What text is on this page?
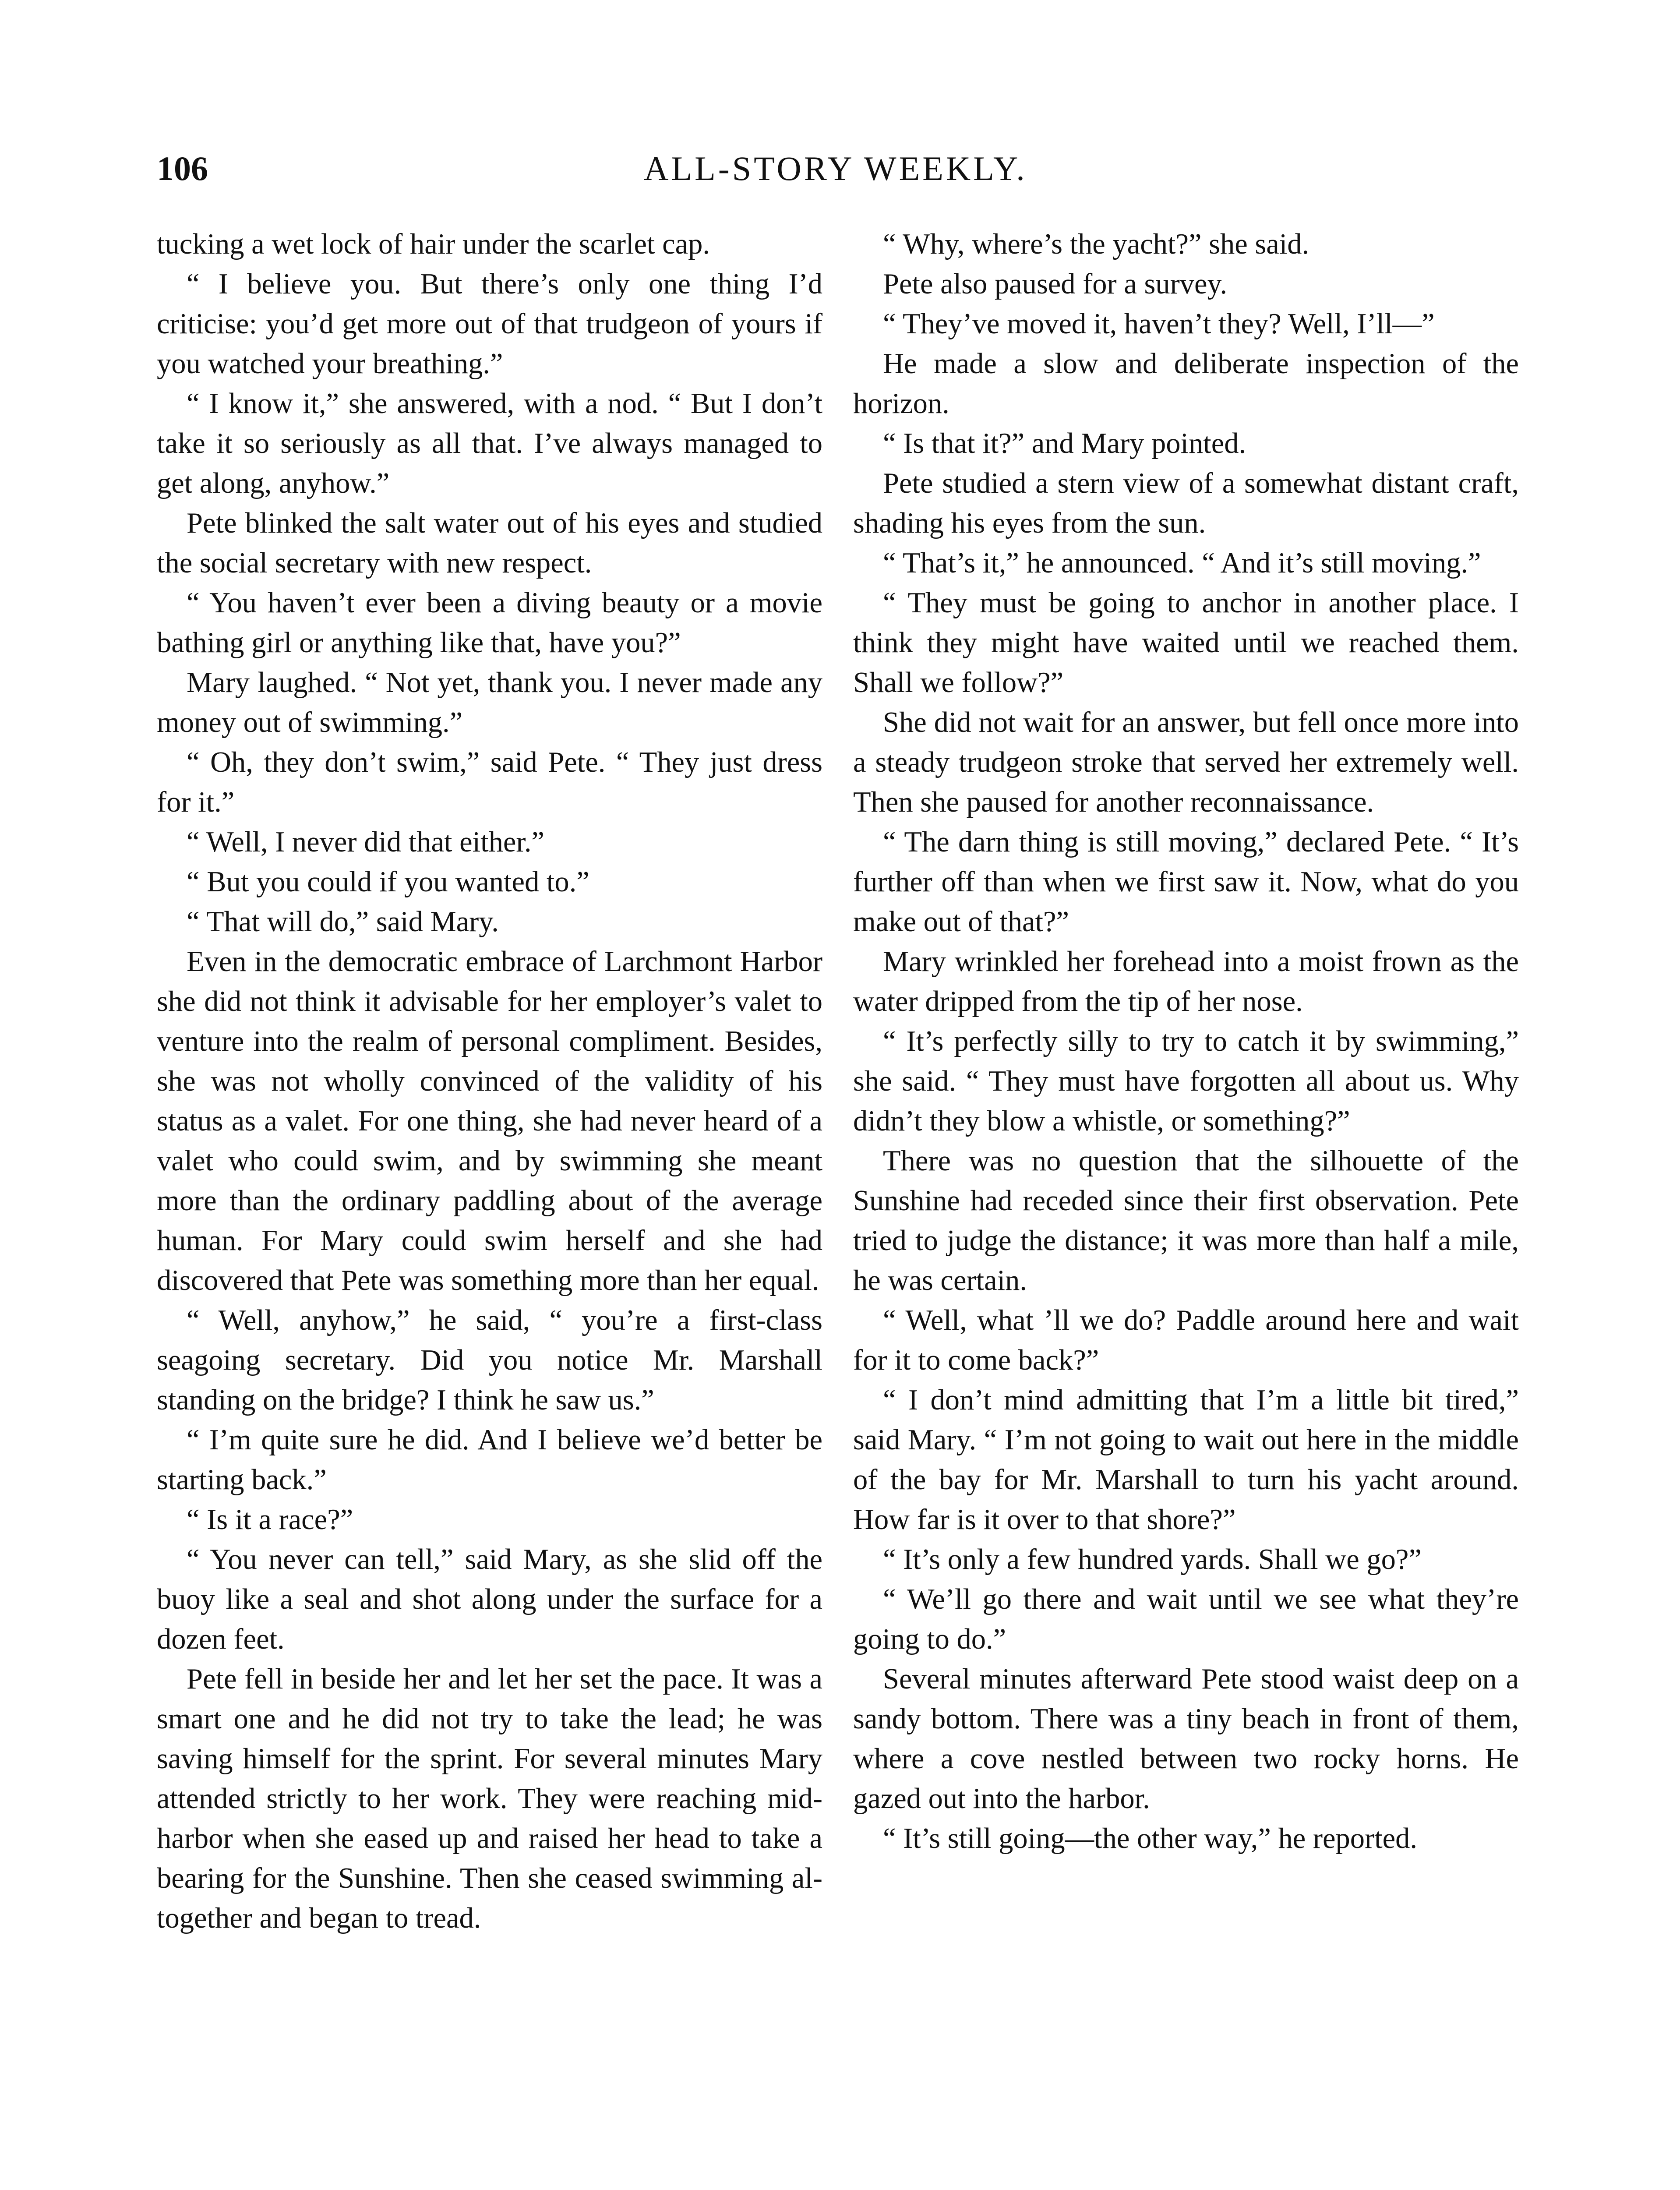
106	ALL-STORY WEEKLY.

tucking a wet lock of hair under the scarlet cap.

“ I believe you. But there’s only one thing I’d criticise: you’d get more out of that trudgeon of yours if you watched your breathing.”

“ I know it,” she answered, with a nod. “ But I don’t take it so seriously as all that. I’ve always managed to get along, anyhow.”

Pete blinked the salt water out of his eyes and studied the social secretary with new respect.

“ You haven’t ever been a diving beauty or a movie bathing girl or anything like that, have you?”

Mary laughed. “ Not yet, thank you. I never made any money out of swimming.”

“ Oh, they don’t swim,” said Pete. “ They just dress for it.”

“ Well, I never did that either.”

“ But you could if you wanted to.”

“ That will do,” said Mary.

Even in the democratic embrace of Larchmont Harbor she did not think it advisable for her employer’s valet to venture into the realm of personal compliment. Besides, she was not wholly convinced of the validity of his status as a valet. For one thing, she had never heard of a valet who could swim, and by swimming she meant more than the ordinary paddling about of the average human. For Mary could swim herself and she had discovered that Pete was something more than her equal.

“ Well, anyhow,” he said, “ you’re a first-class seagoing secretary. Did you notice Mr. Marshall standing on the bridge? I think he saw us.”

“ I’m quite sure he did. And I believe we’d better be starting back.”

“ Is it a race?”

“ You never can tell,” said Mary, as she slid off the buoy like a seal and shot along under the surface for a dozen feet.

Pete fell in beside her and let her set the pace. It was a smart one and he did not try to take the lead; he was saving himself for the sprint. For several minutes Mary attended strictly to her work. They were reaching mid-harbor when she eased up and raised her head to take a bearing for the Sunshine. Then she ceased swimming altogether and began to tread.

“ Why, where’s the yacht?” she said.

Pete also paused for a survey.

“ They’ve moved it, haven’t they? Well, I’ll—”

He made a slow and deliberate inspection of the horizon.

“ Is that it?” and Mary pointed.

Pete studied a stern view of a somewhat distant craft, shading his eyes from the sun.

“ That’s it,” he announced. “ And it’s still moving.”

“ They must be going to anchor in another place. I think they might have waited until we reached them. Shall we follow?”

She did not wait for an answer, but fell once more into a steady trudgeon stroke that served her extremely well. Then she paused for another reconnaissance.

“ The darn thing is still moving,” declared Pete. “ It’s further off than when we first saw it. Now, what do you make out of that?”

Mary wrinkled her forehead into a moist frown as the water dripped from the tip of her nose.

“ It’s perfectly silly to try to catch it by swimming,” she said. “ They must have forgotten all about us. Why didn’t they blow a whistle, or something?”

There was no question that the silhouette of the Sunshine had receded since their first observation. Pete tried to judge the distance; it was more than half a mile, he was certain.

“ Well, what ’ll we do? Paddle around here and wait for it to come back?”

“ I don’t mind admitting that I’m a little bit tired,” said Mary. “ I’m not going to wait out here in the middle of the bay for Mr. Marshall to turn his yacht around. How far is it over to that shore?”

“ It’s only a few hundred yards. Shall we go?”

“ We’ll go there and wait until we see what they’re going to do.”

Several minutes afterward Pete stood waist deep on a sandy bottom. There was a tiny beach in front of them, where a cove nestled between two rocky horns. He gazed out into the harbor.

“ It’s still going—the other way,” he reported.
